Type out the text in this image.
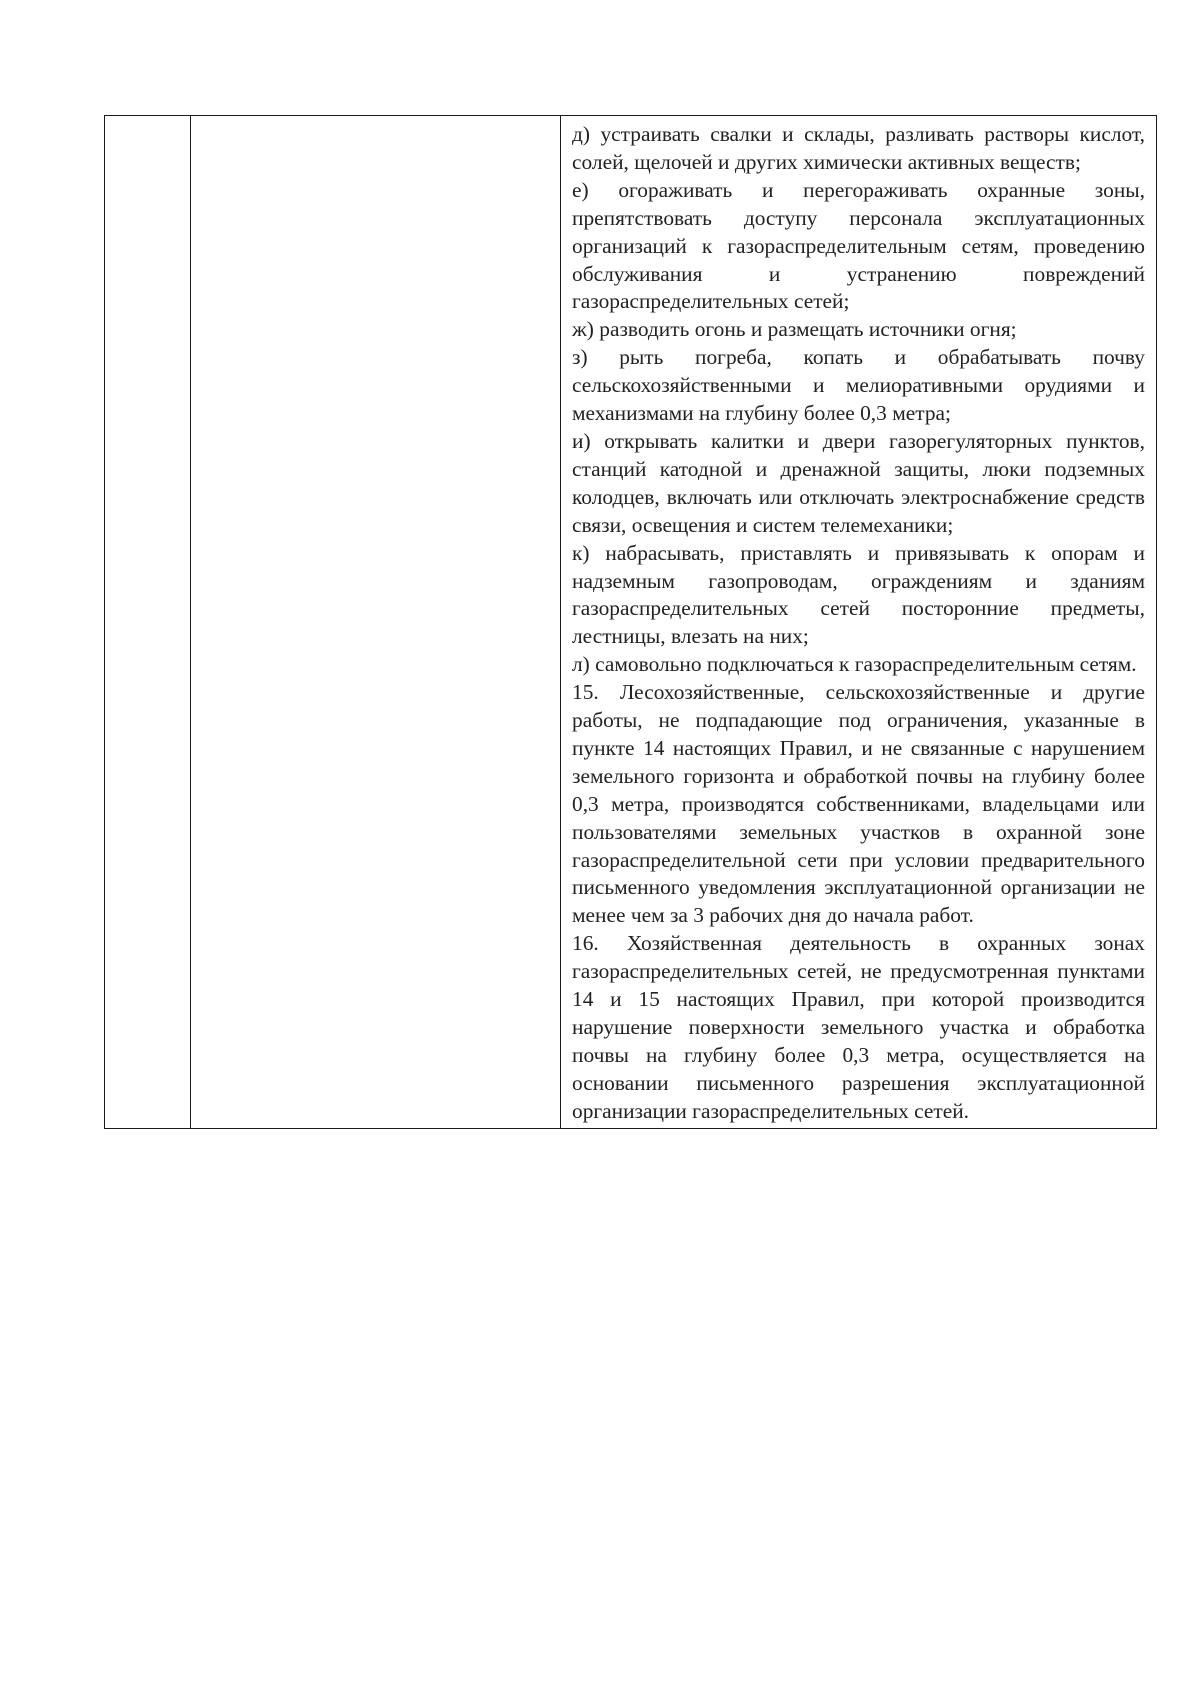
д) устраивать свалки и склады, разливать растворы кислот, солей, щелочей и других химически активных веществ;

е) огораживать и перегораживать охранные зоны, препятствовать доступу персонала эксплуатационных организаций к газораспределительным сетям, проведению обслуживания и устранению повреждений газораспределительных сетей;

ж) разводить огонь и размещать источники огня;

з) рыть погреба, копать и обрабатывать почву сельскохозяйственными и мелиоративными орудиями и механизмами на глубину более 0,3 метра;

и) открывать калитки и двери газорегуляторных пунктов, станций катодной и дренажной защиты, люки подземных колодцев, включать или отключать электроснабжение средств связи, освещения и систем телемеханики;

к) набрасывать, приставлять и привязывать к опорам и надземным газопроводам, ограждениям и зданиям газораспределительных сетей посторонние предметы, лестницы, влезать на них;

л) самовольно подключаться к газораспределительным сетям.

15. Лесохозяйственные, сельскохозяйственные и другие работы, не подпадающие под ограничения, указанные в пункте 14 настоящих Правил, и не связанные с нарушением земельного горизонта и обработкой почвы на глубину более 0,3 метра, производятся собственниками, владельцами или пользователями земельных участков в охранной зоне газораспределительной сети при условии предварительного письменного уведомления эксплуатационной организации не менее чем за 3 рабочих дня до начала работ.

16. Хозяйственная деятельность в охранных зонах газораспределительных сетей, не предусмотренная пунктами 14 и 15 настоящих Правил, при которой производится нарушение поверхности земельного участка и обработка почвы на глубину более 0,3 метра, осуществляется на основании письменного разрешения эксплуатационной организации газораспределительных сетей.
